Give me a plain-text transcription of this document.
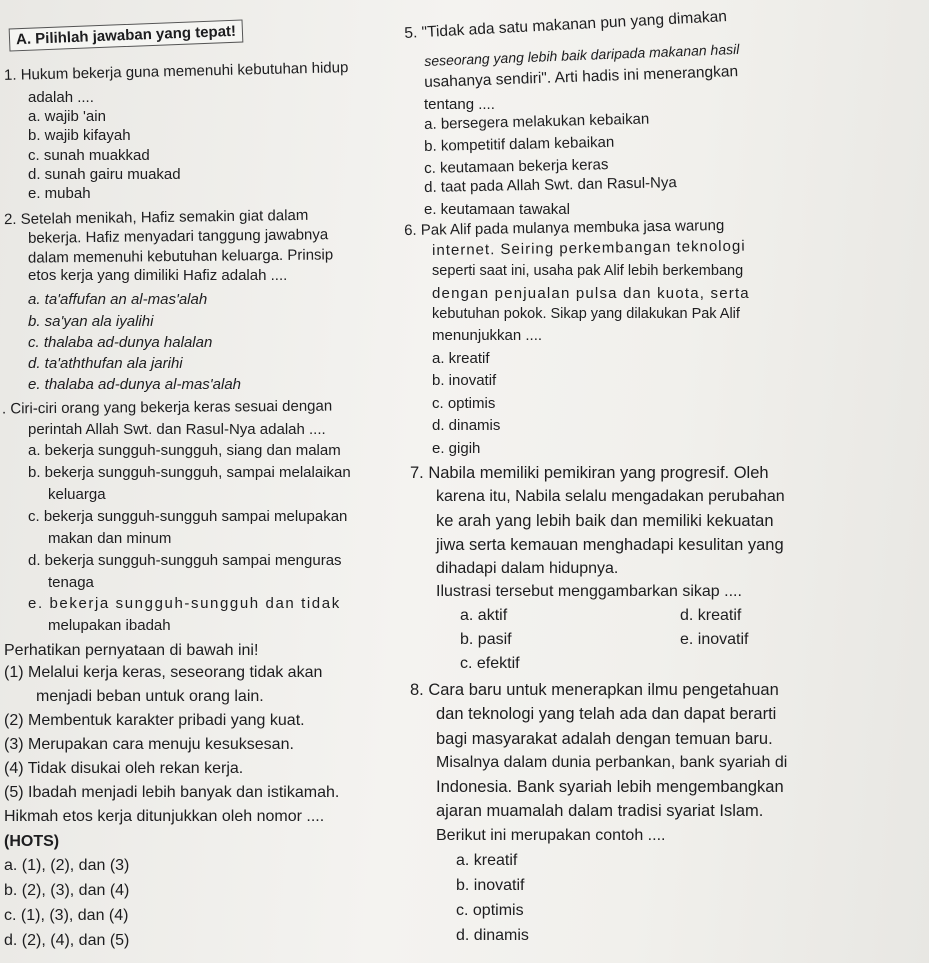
A. Pilihlah jawaban yang tepat!
1. Hukum bekerja guna memenuhi kebutuhan hidup
adalah ....
a. wajib 'ain
b. wajib kifayah
c. sunah muakkad
d. sunah gairu muakad
e. mubah
2. Setelah menikah, Hafiz semakin giat dalam
bekerja. Hafiz menyadari tanggung jawabnya
dalam memenuhi kebutuhan keluarga. Prinsip
etos kerja yang dimiliki Hafiz adalah ....
a. ta'affufan an al-mas'alah
b. sa'yan ala iyalihi
c. thalaba ad-dunya halalan
d. ta'aththufan ala jarihi
e. thalaba ad-dunya al-mas'alah
. Ciri-ciri orang yang bekerja keras sesuai dengan
perintah Allah Swt. dan Rasul-Nya adalah ....
a. bekerja sungguh-sungguh, siang dan malam
b. bekerja sungguh-sungguh, sampai melalaikan
keluarga
c. bekerja sungguh-sungguh sampai melupakan
makan dan minum
d. bekerja sungguh-sungguh sampai menguras
tenaga
e. bekerja sungguh-sungguh dan tidak
melupakan ibadah
Perhatikan pernyataan di bawah ini!
(1) Melalui kerja keras, seseorang tidak akan
menjadi beban untuk orang lain.
(2) Membentuk karakter pribadi yang kuat.
(3) Merupakan cara menuju kesuksesan.
(4) Tidak disukai oleh rekan kerja.
(5) Ibadah menjadi lebih banyak dan istikamah.
Hikmah etos kerja ditunjukkan oleh nomor ....
(HOTS)
a. (1), (2), dan (3)
b. (2), (3), dan (4)
c. (1), (3), dan (4)
d. (2), (4), dan (5)
5. "Tidak ada satu makanan pun yang dimakan
seseorang yang lebih baik daripada makanan hasil
usahanya sendiri". Arti hadis ini menerangkan
tentang ....
a. bersegera melakukan kebaikan
b. kompetitif dalam kebaikan
c. keutamaan bekerja keras
d. taat pada Allah Swt. dan Rasul-Nya
e. keutamaan tawakal
6. Pak Alif pada mulanya membuka jasa warung
internet. Seiring perkembangan teknologi
seperti saat ini, usaha pak Alif lebih berkembang
dengan penjualan pulsa dan kuota, serta
kebutuhan pokok. Sikap yang dilakukan Pak Alif
menunjukkan ....
a. kreatif
b. inovatif
c. optimis
d. dinamis
e. gigih
7. Nabila memiliki pemikiran yang progresif. Oleh
karena itu, Nabila selalu mengadakan perubahan
ke arah yang lebih baik dan memiliki kekuatan
jiwa serta kemauan menghadapi kesulitan yang
dihadapi dalam hidupnya.
Ilustrasi tersebut menggambarkan sikap ....
a. aktif	d. kreatif
b. pasif	e. inovatif
c. efektif
8. Cara baru untuk menerapkan ilmu pengetahuan
dan teknologi yang telah ada dan dapat berarti
bagi masyarakat adalah dengan temuan baru.
Misalnya dalam dunia perbankan, bank syariah di
Indonesia. Bank syariah lebih mengembangkan
ajaran muamalah dalam tradisi syariat Islam.
Berikut ini merupakan contoh ....
a. kreatif
b. inovatif
c. optimis
d. dinamis
